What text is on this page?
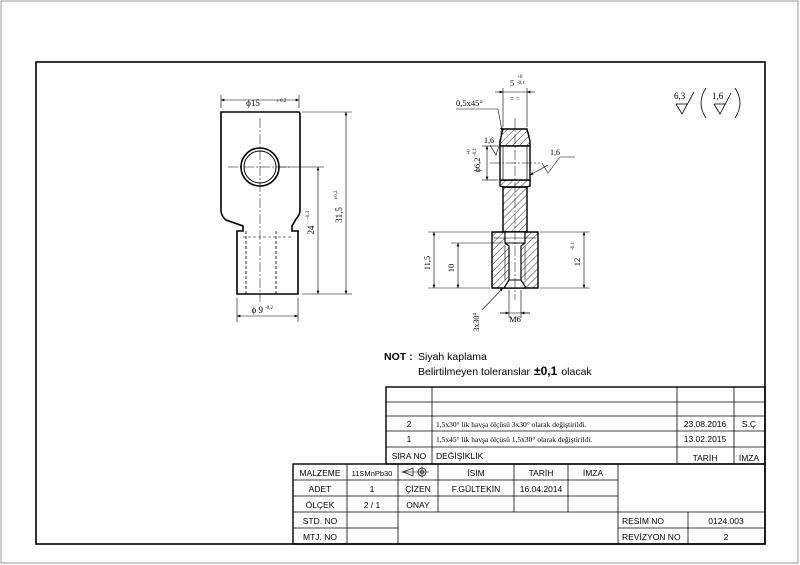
ϕ15	± 0,2
ϕ 9 -0,2
31,5
±0,2
24
-0,3
0,5x45°
5
+0
-0,1
= =
ϕ6,2
+0 -0,1
1,6
1,6
11,5 10
12
-0,1
M6
3x30°
6,3	1,6
NOT : Siyah kaplama
Belirtilmeyen toleranslar ±0,1 olacak
2	1,5x30° lik havşa ölçüsü 3x30° olarak değiştirildi.	23.08.2016 S.Ç
1	1,5x45° lik havşa ölçüsü 1,5x30° olarak değiştirildi.	13.02.2015
SIRA NO DEĞİŞİKLİK	TARİH	İMZA
MALZEME 11SMnPb30
ADET	1
ÖLÇEK	2 / 1
STD. NO
MTJ. NO
İSİM	TARİH	İMZA
ÇİZEN F.GÜLTEKİN 16.04.2014
ONAY
RESİM NO	0124.003
REVİZYON NO	2
